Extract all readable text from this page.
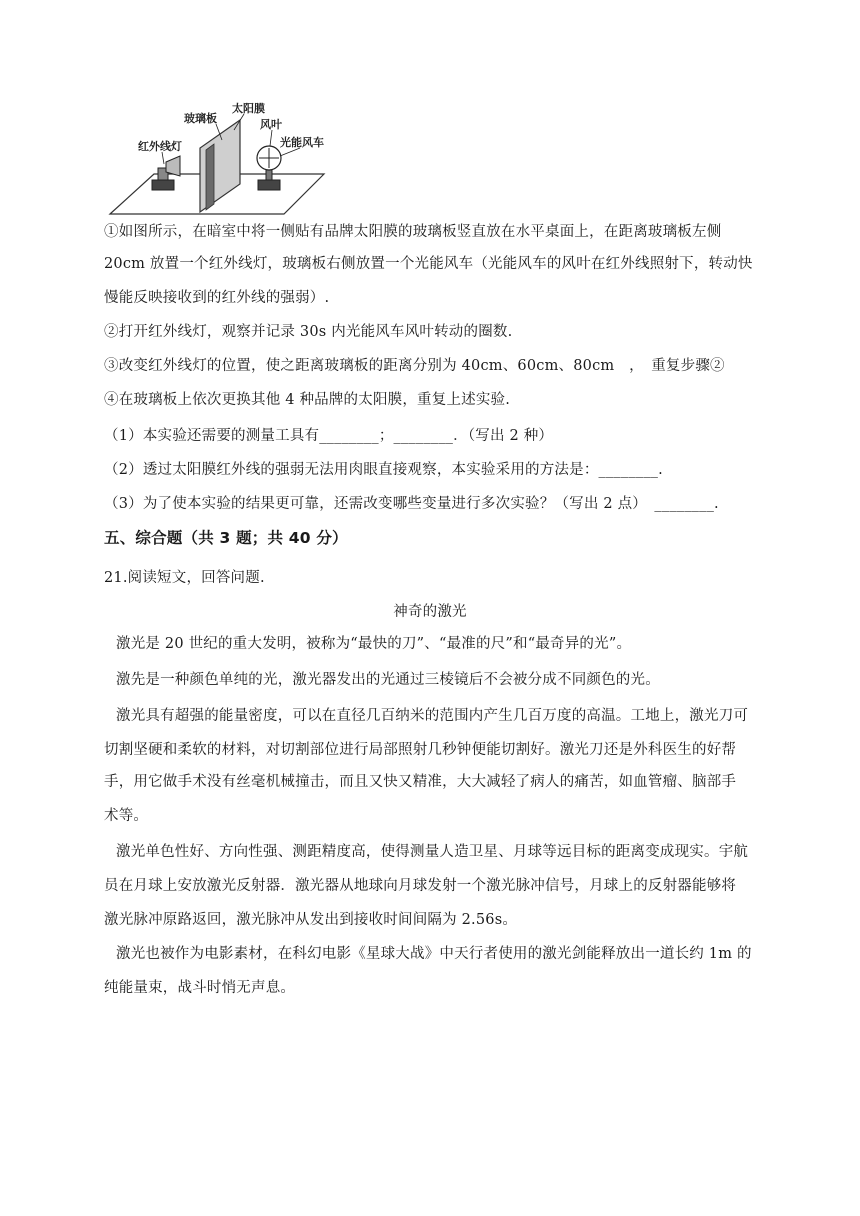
红外线灯
玻璃板
太阳膜
风叶
光能风车
①如图所示，在暗室中将一侧贴有品牌太阳膜的玻璃板竖直放在水平桌面上，在距离玻璃板左侧
20cm 放置一个红外线灯，玻璃板右侧放置一个光能风车（光能风车的风叶在红外线照射下，转动快
慢能反映接收到的红外线的强弱）.
②打开红外线灯，观察并记录 30s 内光能风车风叶转动的圈数.
③改变红外线灯的位置，使之距离玻璃板的距离分别为 40cm、60cm、80cm　，　重复步骤②
④在玻璃板上依次更换其他 4 种品牌的太阳膜，重复上述实验.
（1）本实验还需要的测量工具有________；________．（写出 2 种）
（2）透过太阳膜红外线的强弱无法用肉眼直接观察，本实验采用的方法是：________.
（3）为了使本实验的结果更可靠，还需改变哪些变量进行多次实验？（写出 2 点）　________.
五、综合题（共 3 题；共 40 分）
21.阅读短文，回答问题.
神奇的激光
激光是 20 世纪的重大发明，被称为“最快的刀”、“最准的尺”和“最奇异的光”。
激先是一种颜色单纯的光，激光器发出的光通过三棱镜后不会被分成不同颜色的光。
激光具有超强的能量密度，可以在直径几百纳米的范围内产生几百万度的高温。工地上，激光刀可
切割坚硬和柔软的材料，对切割部位进行局部照射几秒钟便能切割好。激光刀还是外科医生的好帮
手，用它做手术没有丝毫机械撞击，而且又快又精准，大大减轻了病人的痛苦，如血管瘤、脑部手
术等。
激光单色性好、方向性强、测距精度高，使得测量人造卫星、月球等远目标的距离变成现实。宇航
员在月球上安放激光反射器．激光器从地球向月球发射一个激光脉冲信号，月球上的反射器能够将
激光脉冲原路返回，激光脉冲从发出到接收时间间隔为 2.56s。
激光也被作为电影素材，在科幻电影《星球大战》中天行者使用的激光剑能释放出一道长约 1m 的
纯能量束，战斗时悄无声息。
